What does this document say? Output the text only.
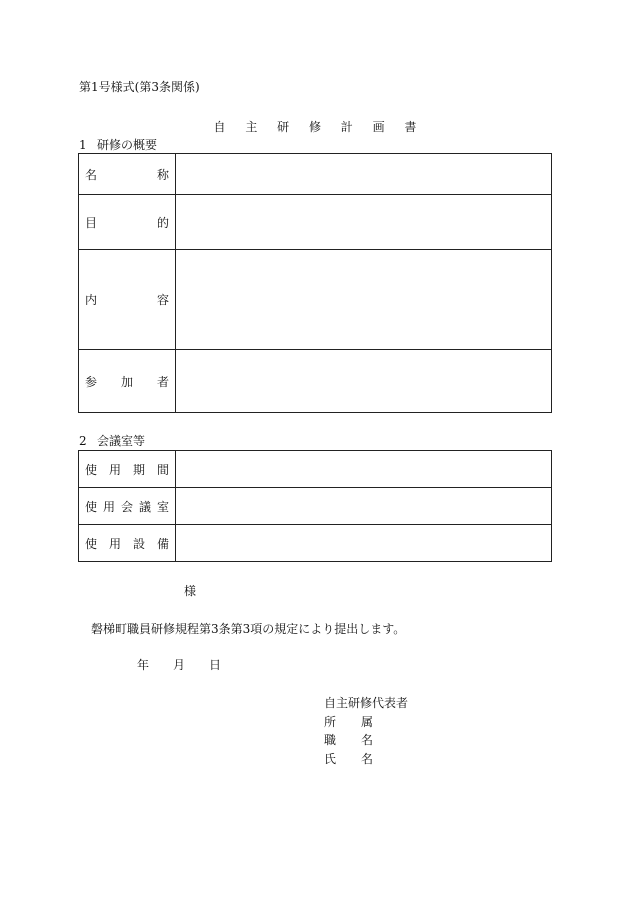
第1号様式(第3条関係)
自 主 研 修 計 画 書
1 研修の概要
名 称	

目 的	

内 容	

参 加 者	

2 会議室等
使 用 期 間	

使 用 会 議 室	

使 用 設 備	

様
磐梯町職員研修規程第3条第3項の規定により提出します。
年 月 日
自主研修代表者
所 属
職 名
氏 名
